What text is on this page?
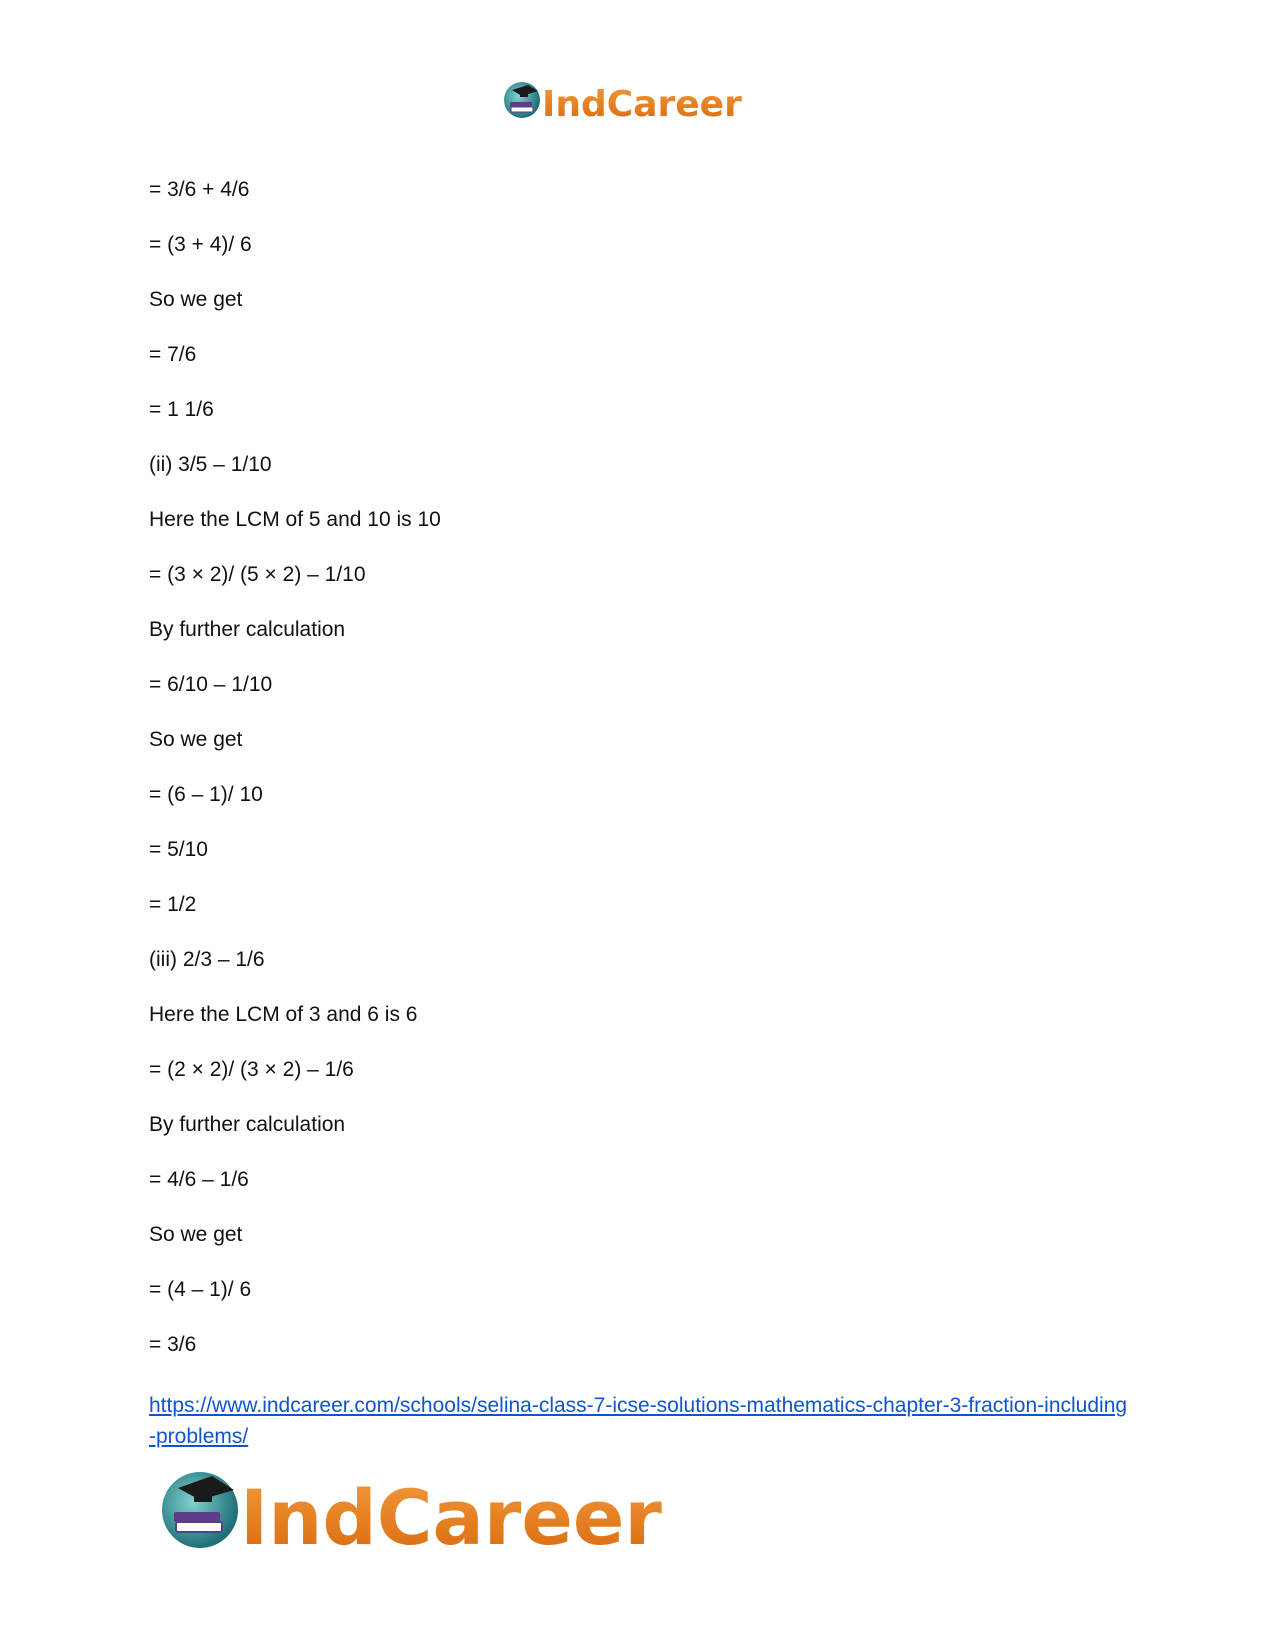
IndCareer
= 3/6 + 4/6
= (3 + 4)/ 6
So we get
= 7/6
= 1 1/6
(ii) 3/5 – 1/10
Here the LCM of 5 and 10 is 10
= (3 × 2)/ (5 × 2) – 1/10
By further calculation
= 6/10 – 1/10
So we get
= (6 – 1)/ 10
= 5/10
= 1/2
(iii) 2/3 – 1/6
Here the LCM of 3 and 6 is 6
= (2 × 2)/ (3 × 2) – 1/6
By further calculation
= 4/6 – 1/6
So we get
= (4 – 1)/ 6
= 3/6
https://www.indcareer.com/schools/selina-class-7-icse-solutions-mathematics-chapter-3-fraction-including-problems/
IndCareer
